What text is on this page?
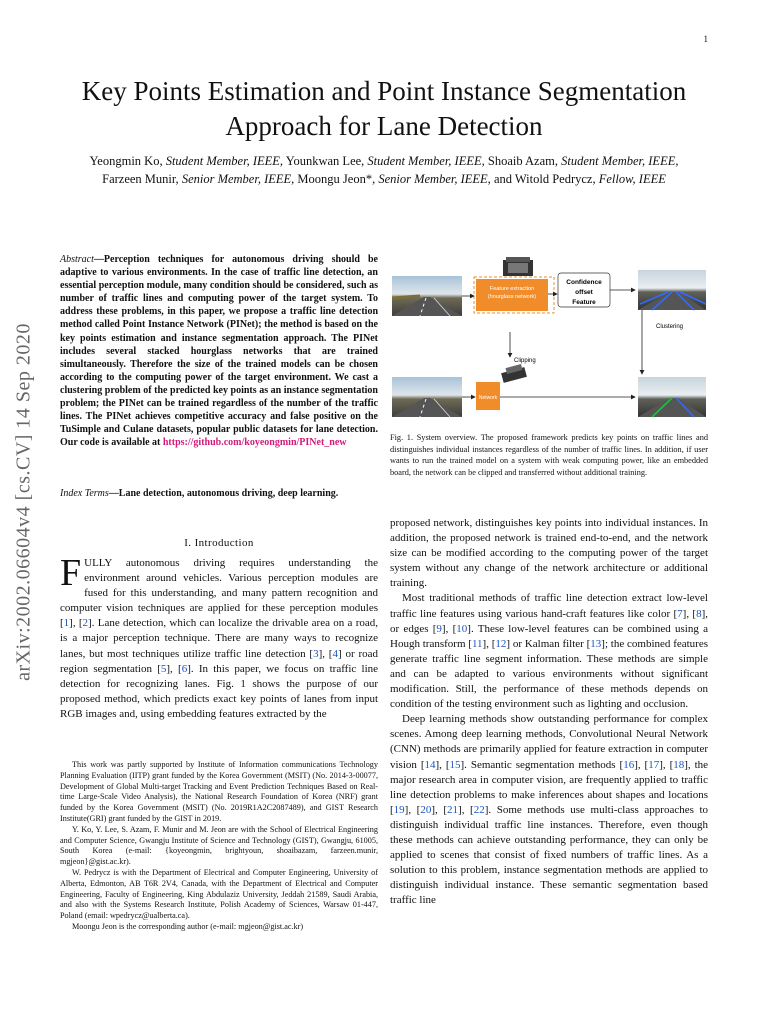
1
Key Points Estimation and Point Instance Segmentation Approach for Lane Detection
Yeongmin Ko, Student Member, IEEE, Younkwan Lee, Student Member, IEEE, Shoaib Azam, Student Member, IEEE, Farzeen Munir, Senior Member, IEEE, Moongu Jeon*, Senior Member, IEEE, and Witold Pedrycz, Fellow, IEEE
arXiv:2002.06604v4 [cs.CV] 14 Sep 2020
Abstract—Perception techniques for autonomous driving should be adaptive to various environments. In the case of traffic line detection, an essential perception module, many condition should be considered, such as number of traffic lines and computing power of the target system. To address these problems, in this paper, we propose a traffic line detection method called Point Instance Network (PINet); the method is based on the key points estimation and instance segmentation approach. The PINet includes several stacked hourglass networks that are trained simultaneously. Therefore the size of the trained models can be chosen according to the computing power of the target environment. We cast a clustering problem of the predicted key points as an instance segmentation problem; the PINet can be trained regardless of the number of the traffic lines. The PINet achieves competitive accuracy and false positive on the TuSimple and Culane datasets, popular public datasets for lane detection. Our code is available at https://github.com/koyeongmin/PINet_new
Index Terms—Lane detection, autonomous driving, deep learning.
I. Introduction
FULLY autonomous driving requires understanding the environment around vehicles. Various perception modules are fused for this understanding, and many pattern recognition and computer vision techniques are applied for these perception modules [1], [2]. Lane detection, which can localize the drivable area on a road, is a major perception technique. There are many ways to recognize lanes, but most techniques utilize traffic line detection [3], [4] or road region segmentation [5], [6]. In this paper, we focus on traffic line detection for recognizing lanes. Fig. 1 shows the purpose of our proposed method, which predicts exact key points of lanes from input RGB images and, using embedding features extracted by the

This work was partly supported by Institute of Information communications Technology Planning Evaluation (IITP) grant funded by the Korea Government (MSIT) (No. 2014-3-00077, Development of Global Multi-target Tracking and Event Prediction Techniques Based on Real-time Large-Scale Video Analysis), the National Research Foundation of Korea (NRF) grant funded by the Korea Government (MSIT) (No. 2019R1A2C2087489), and GIST Research Institute(GRI) grant funded by the GIST in 2019.

Y. Ko, Y. Lee, S. Azam, F. Munir and M. Jeon are with the School of Electrical Engineering and Computer Science, Gwangju Institute of Science and Technology (GIST), Gwangju, 61005, South Korea (e-mail: {koyeongmin, brightyoun, shoaibazam, farzeen.munir, mgjeon}@gist.ac.kr).

W. Pedrycz is with the Department of Electrical and Computer Engineering, University of Alberta, Edmonton, AB T6R 2V4, Canada, with the Department of Electrical and Computer Engineering, Faculty of Engineering, King Abdulaziz University, Jeddah 21589, Saudi Arabia, and also with the Systems Research Institute, Polish Academy of Sciences, Warsaw 01-447, Poland (email: wpedrycz@ualberta.ca).

Moongu Jeon is the corresponding author (e-mail: mgjeon@gist.ac.kr)

Feature extraction
(hourglass network)
Confidence
offset
Feature
Clustering
Clipping
Network
Fig. 1. System overview. The proposed framework predicts key points on traffic lines and distinguishes individual instances regardless of the number of traffic lines. In addition, if user wants to run the trained model on a system with weak computing power, like an embedded board, the network can be clipped and transferred without additional training.

proposed network, distinguishes key points into individual instances. In addition, the proposed network is trained end-to-end, and the network size can be modified according to the computing power of the target system without any change of the network architecture or additional training.

Most traditional methods of traffic line detection extract low-level traffic line features using various hand-craft features like color [7], [8], or edges [9], [10]. These low-level features can be combined using a Hough transform [11], [12] or Kalman filter [13]; the combined features generate traffic line segment information. These methods are simple and can be adapted to various environments without significant modification. Still, the performance of these methods depends on condition of the testing environment such as lighting and occlusion.

Deep learning methods show outstanding performance for complex scenes. Among deep learning methods, Convolutional Neural Network (CNN) methods are primarily applied for feature extraction in computer vision [14], [15]. Semantic segmentation methods [16], [17], [18], the major research area in computer vision, are frequently applied to traffic line detection problems to make inferences about shapes and locations [19], [20], [21], [22]. Some methods use multi-class approaches to distinguish individual traffic line instances. Therefore, even though these methods can achieve outstanding performance, they can only be applied to scenes that consist of fixed numbers of traffic lines. As a solution to this problem, instance segmentation methods are applied to distinguish individual instance. These semantic segmentation based traffic line
